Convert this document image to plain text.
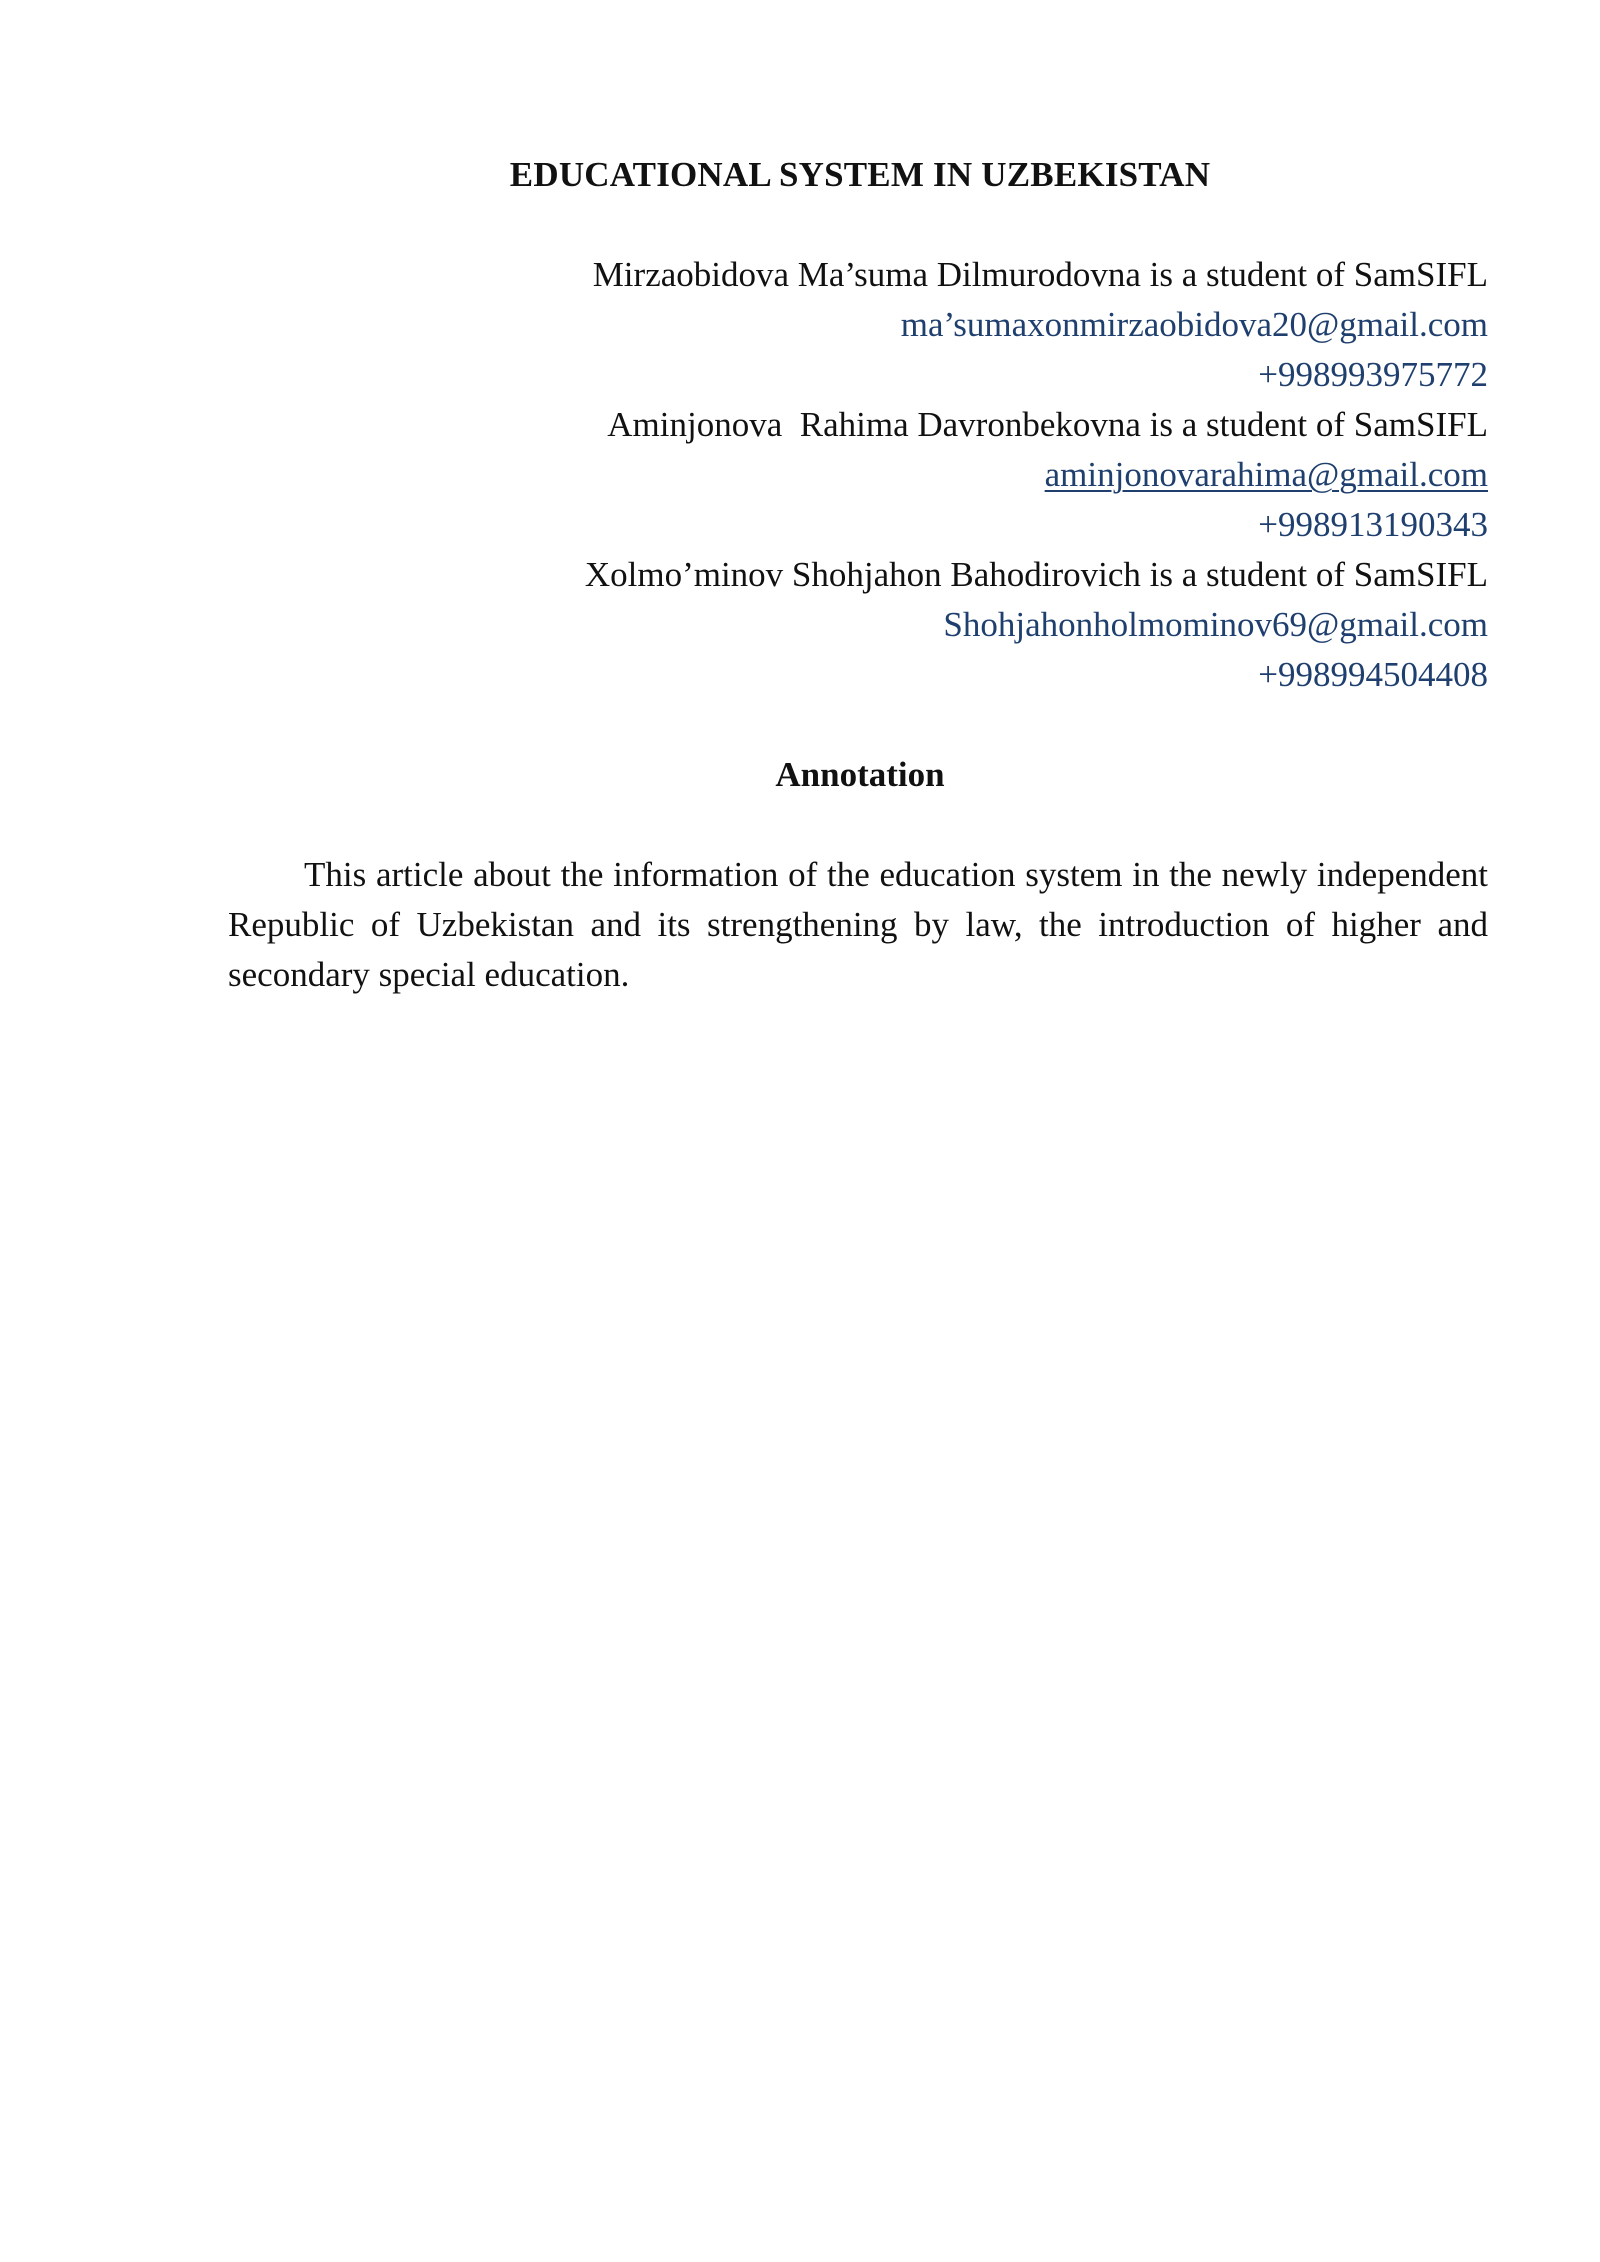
EDUCATIONAL SYSTEM IN UZBEKISTAN
Mirzaobidova Ma’suma Dilmurodovna is a student of SamSIFL
ma’sumaxonmirzaobidova20@gmail.com
+998993975772
Aminjonova  Rahima Davronbekovna is a student of SamSIFL
aminjonovarahima@gmail.com
+998913190343
Xolmo’minov Shohjahon Bahodirovich is a student of SamSIFL
Shohjahonholmominov69@gmail.com
+998994504408
Annotation

This article about the information of the education system in the newly independent Republic of Uzbekistan and its strengthening by law, the introduction of higher and secondary special education.
